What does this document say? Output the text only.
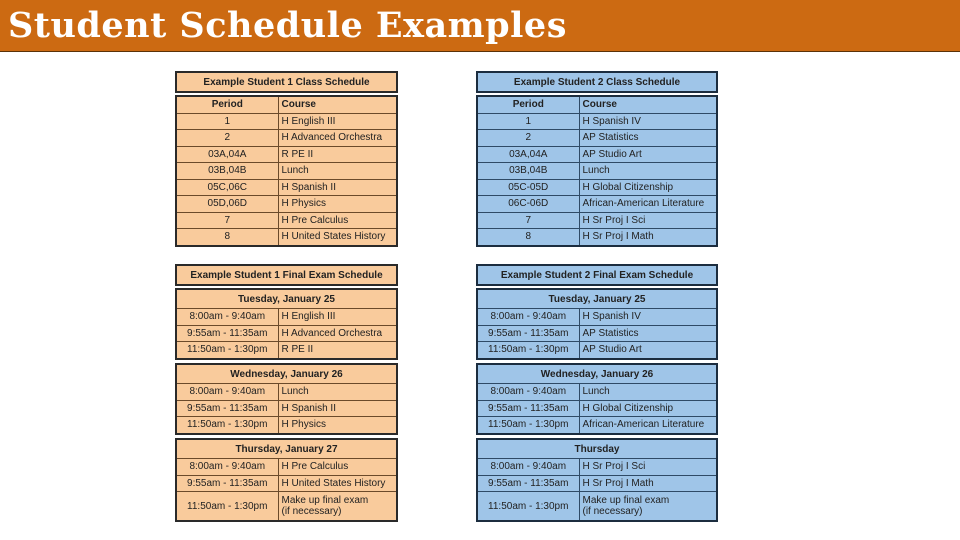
Student Schedule Examples
Example Student 1 Class Schedule
Period	Course
1	H English III
2	H Advanced Orchestra
03A,04A	R PE II
03B,04B	Lunch
05C,06C	H Spanish II
05D,06D	H Physics
7	H Pre Calculus
8	H United States History
Example Student 1 Final Exam Schedule
Tuesday, January 25	
8:00am - 9:40am	H English III
9:55am - 11:35am	H Advanced Orchestra
11:50am - 1:30pm	R PE II
Wednesday, January 26	
8:00am - 9:40am	Lunch
9:55am - 11:35am	H Spanish II
11:50am - 1:30pm	H Physics
Thursday, January 27	
8:00am - 9:40am	H Pre Calculus
9:55am - 11:35am	H United States History
11:50am - 1:30pm	Make up final exam
(if necessary)
Example Student 2 Class Schedule
Period	Course
1	H Spanish IV
2	AP Statistics
03A,04A	AP Studio Art
03B,04B	Lunch
05C-05D	H Global Citizenship
06C-06D	African-American Literature
7	H Sr Proj I Sci
8	H Sr Proj I Math
Example Student 2 Final Exam Schedule
Tuesday, January 25	
8:00am - 9:40am	H Spanish IV
9:55am - 11:35am	AP Statistics
11:50am - 1:30pm	AP Studio Art
Wednesday, January 26	
8:00am - 9:40am	Lunch
9:55am - 11:35am	H Global Citizenship
11:50am - 1:30pm	African-American Literature
Thursday	
8:00am - 9:40am	H Sr Proj I Sci
9:55am - 11:35am	H Sr Proj I Math
11:50am - 1:30pm	Make up final exam
(if necessary)
